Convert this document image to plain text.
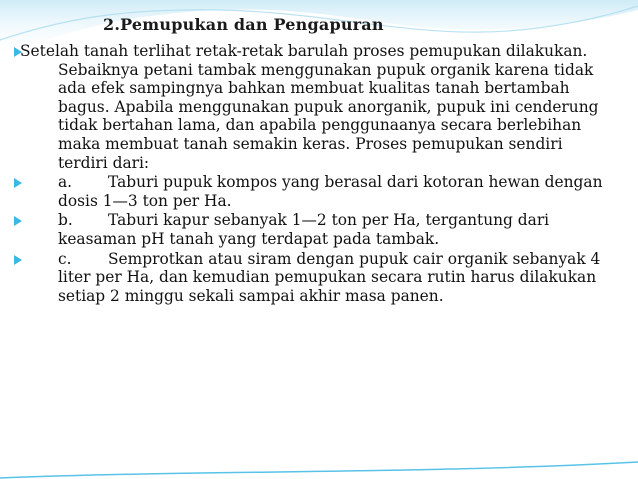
2.Pemupukan dan Pengapuran
Setelah tanah terlihat retak-retak barulah proses pemupukan dilakukan. Sebaiknya petani tambak menggunakan pupuk organik karena tidak ada efek sampingnya bahkan membuat kualitas tanah bertambah bagus. Apabila menggunakan pupuk anorganik, pupuk ini cenderung tidak bertahan lama, dan apabila penggunaanya secara berlebihan maka membuat tanah semakin keras. Proses pemupukan sendiri terdiri dari:
a. Taburi pupuk kompos yang berasal dari kotoran hewan dengan dosis 1—3 ton per Ha.
b. Taburi kapur sebanyak 1—2 ton per Ha, tergantung dari keasaman pH tanah yang terdapat pada tambak.
c. Semprotkan atau siram dengan pupuk cair organik sebanyak 4 liter per Ha, dan kemudian pemupukan secara rutin harus dilakukan setiap 2 minggu sekali sampai akhir masa panen.
